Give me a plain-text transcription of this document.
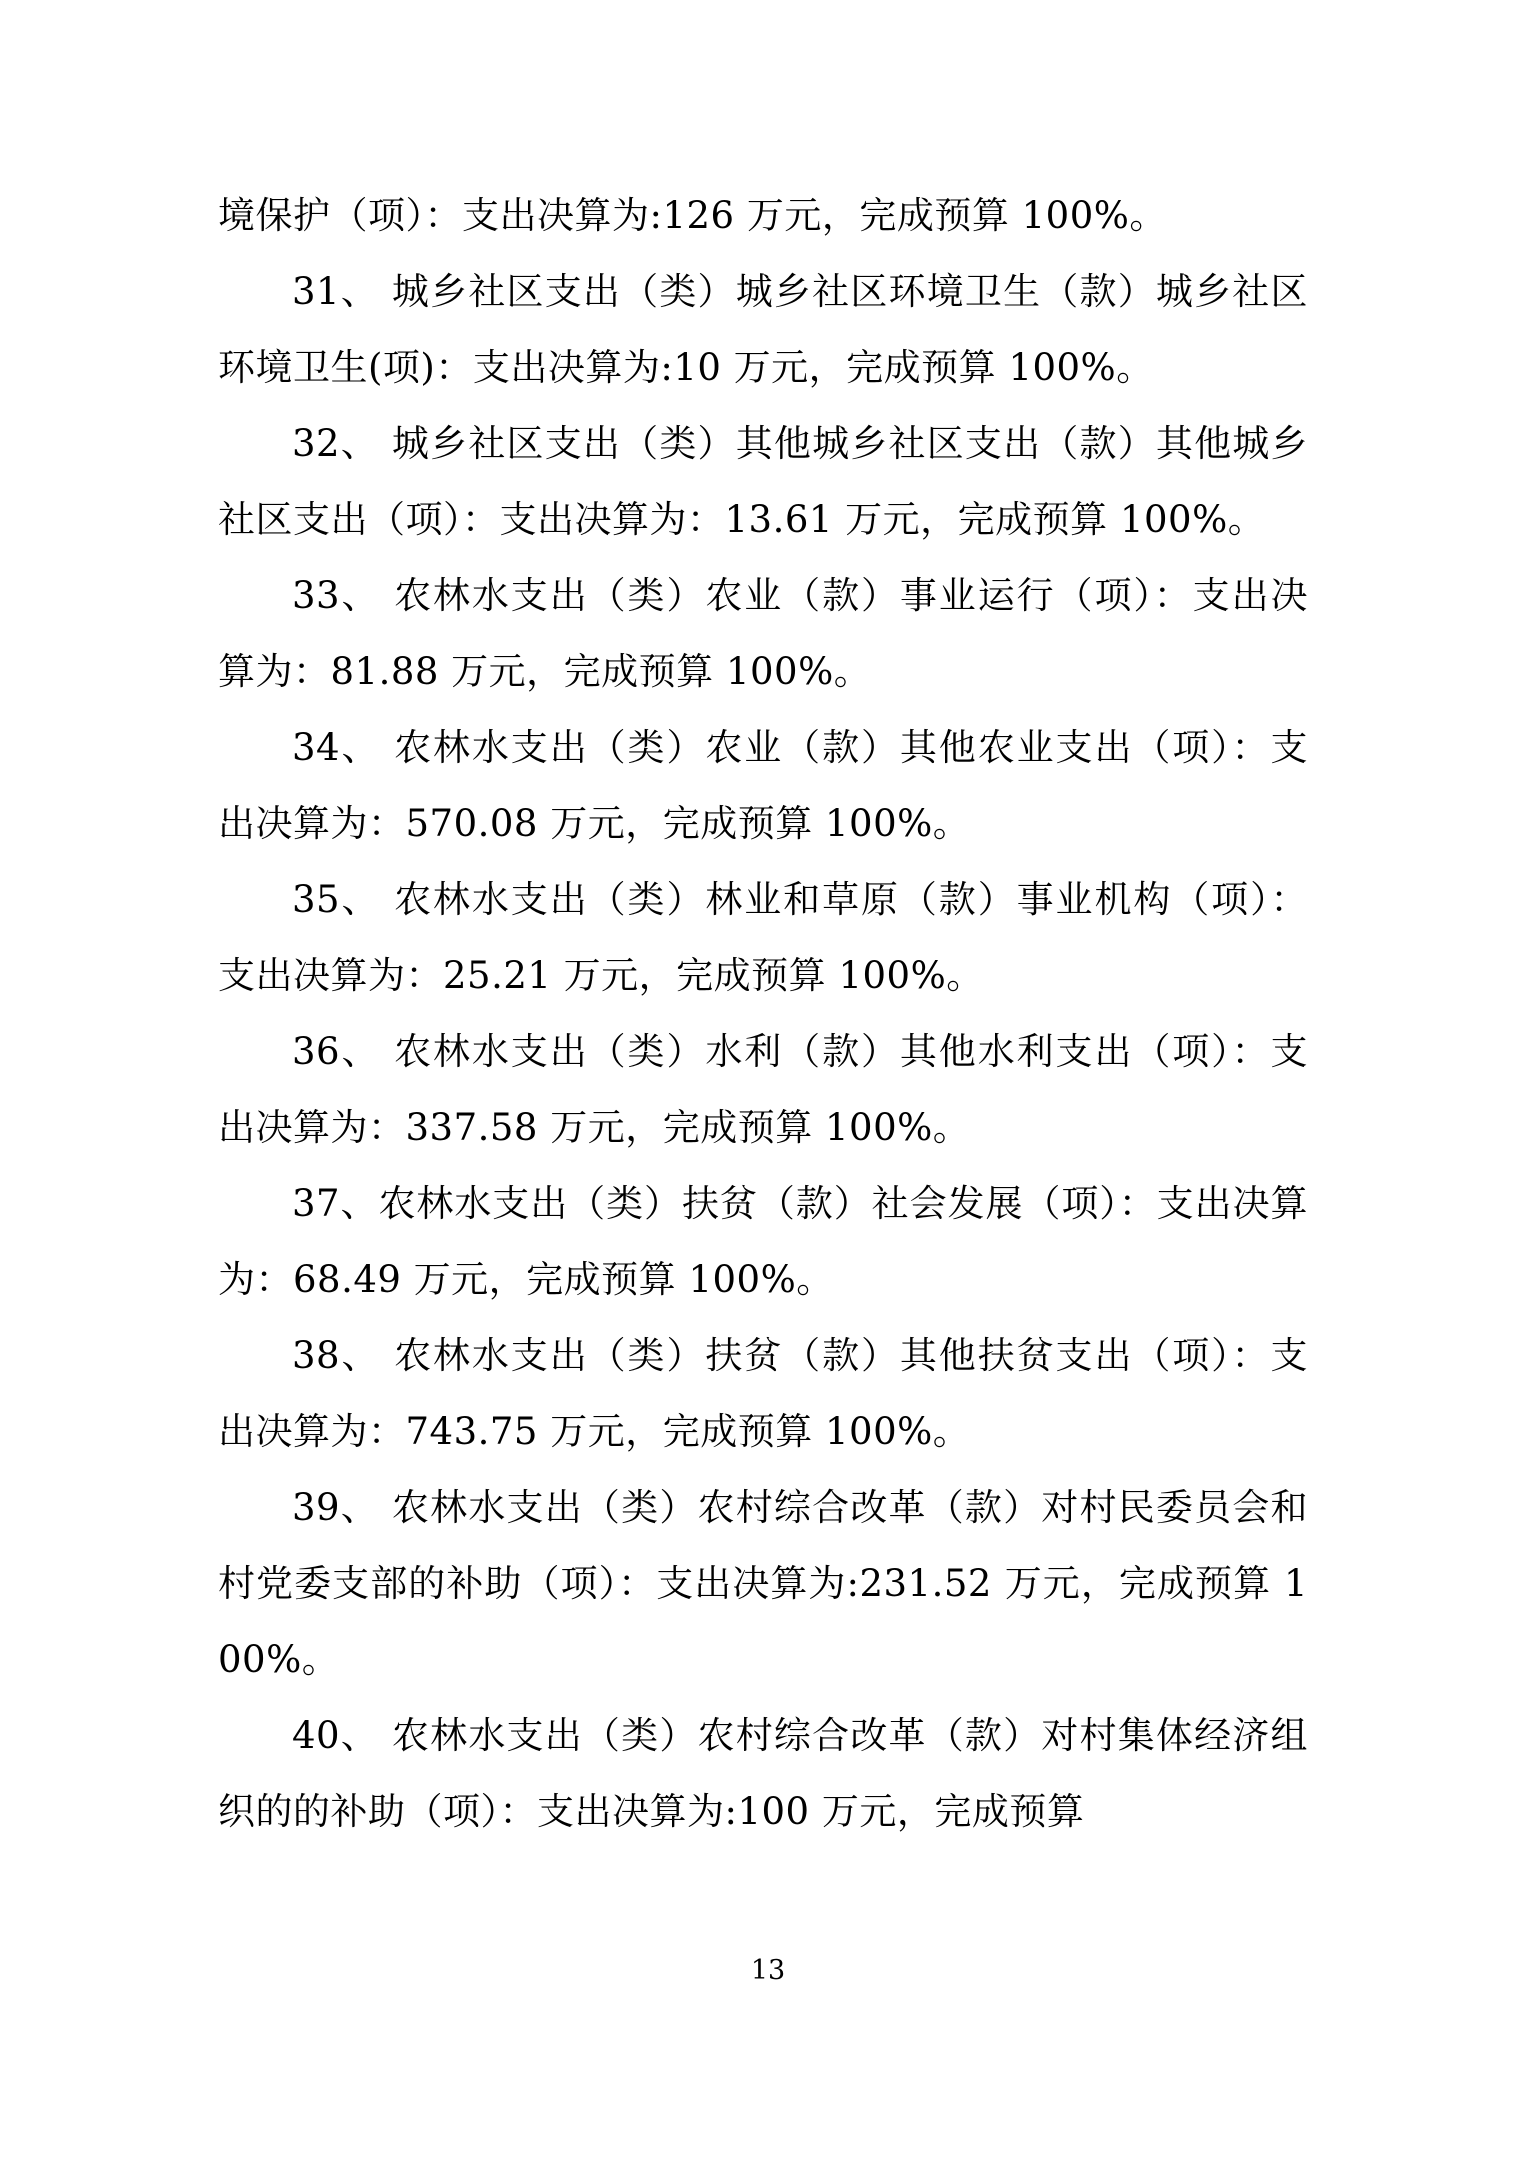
境保护（项）：支出决算为:126 万元，完成预算 100%。

31、 城乡社区支出（类）城乡社区环境卫生（款）城乡社区环境卫生(项)：支出决算为:10 万元，完成预算 100%。

32、 城乡社区支出（类）其他城乡社区支出（款）其他城乡社区支出（项）：支出决算为：13.61 万元，完成预算 100%。

33、 农林水支出（类）农业（款）事业运行（项）：支出决算为：81.88 万元，完成预算 100%。

34、 农林水支出（类）农业（款）其他农业支出（项）：支出决算为：570.08 万元，完成预算 100%。

35、 农林水支出（类）林业和草原（款）事业机构（项）：支出决算为：25.21 万元，完成预算 100%。

36、 农林水支出（类）水利（款）其他水利支出（项）：支出决算为：337.58 万元，完成预算 100%。

37、农林水支出（类）扶贫（款）社会发展（项）：支出决算为：68.49 万元，完成预算 100%。

38、 农林水支出（类）扶贫（款）其他扶贫支出（项）：支出决算为：743.75 万元，完成预算 100%。

39、 农林水支出（类）农村综合改革（款）对村民委员会和村党委支部的补助（项）：支出决算为:231.52 万元，完成预算 100%。

40、 农林水支出（类）农村综合改革（款）对村集体经济组织的的补助（项）：支出决算为:100 万元，完成预算

13
